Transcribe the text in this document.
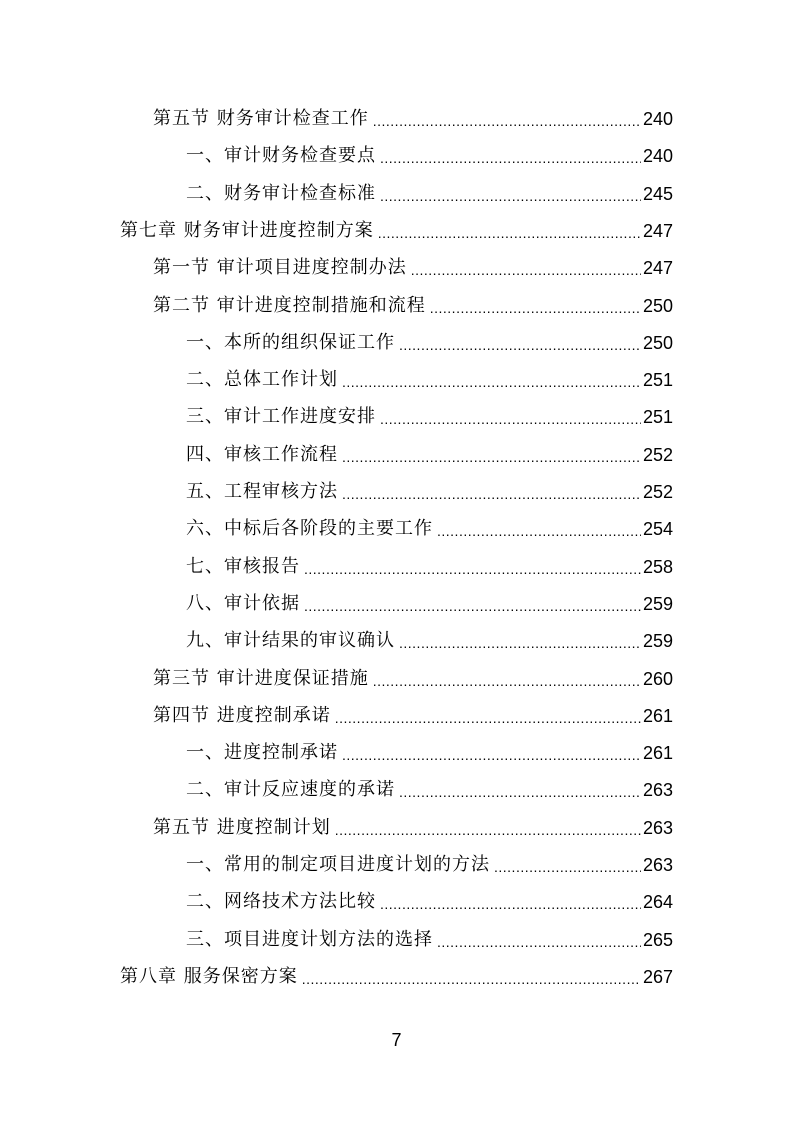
第五节 财务审计检查工作 .....	240
一、审计财务检查要点 .....	240
二、财务审计检查标准 .....	245
第七章 财务审计进度控制方案 .....	247
第一节 审计项目进度控制办法 .....	247
第二节 审计进度控制措施和流程 .....	250
一、本所的组织保证工作 .....	250
二、总体工作计划 .....	251
三、审计工作进度安排 .....	251
四、审核工作流程 .....	252
五、工程审核方法 .....	252
六、中标后各阶段的主要工作 .....	254
七、审核报告 .....	258
八、审计依据 .....	259
九、审计结果的审议确认 .....	259
第三节 审计进度保证措施 .....	260
第四节 进度控制承诺 .....	261
一、进度控制承诺 .....	261
二、审计反应速度的承诺 .....	263
第五节 进度控制计划 .....	263
一、常用的制定项目进度计划的方法 .....	263
二、网络技术方法比较 .....	264
三、项目进度计划方法的选择 .....	265
第八章 服务保密方案 .....	267
7
